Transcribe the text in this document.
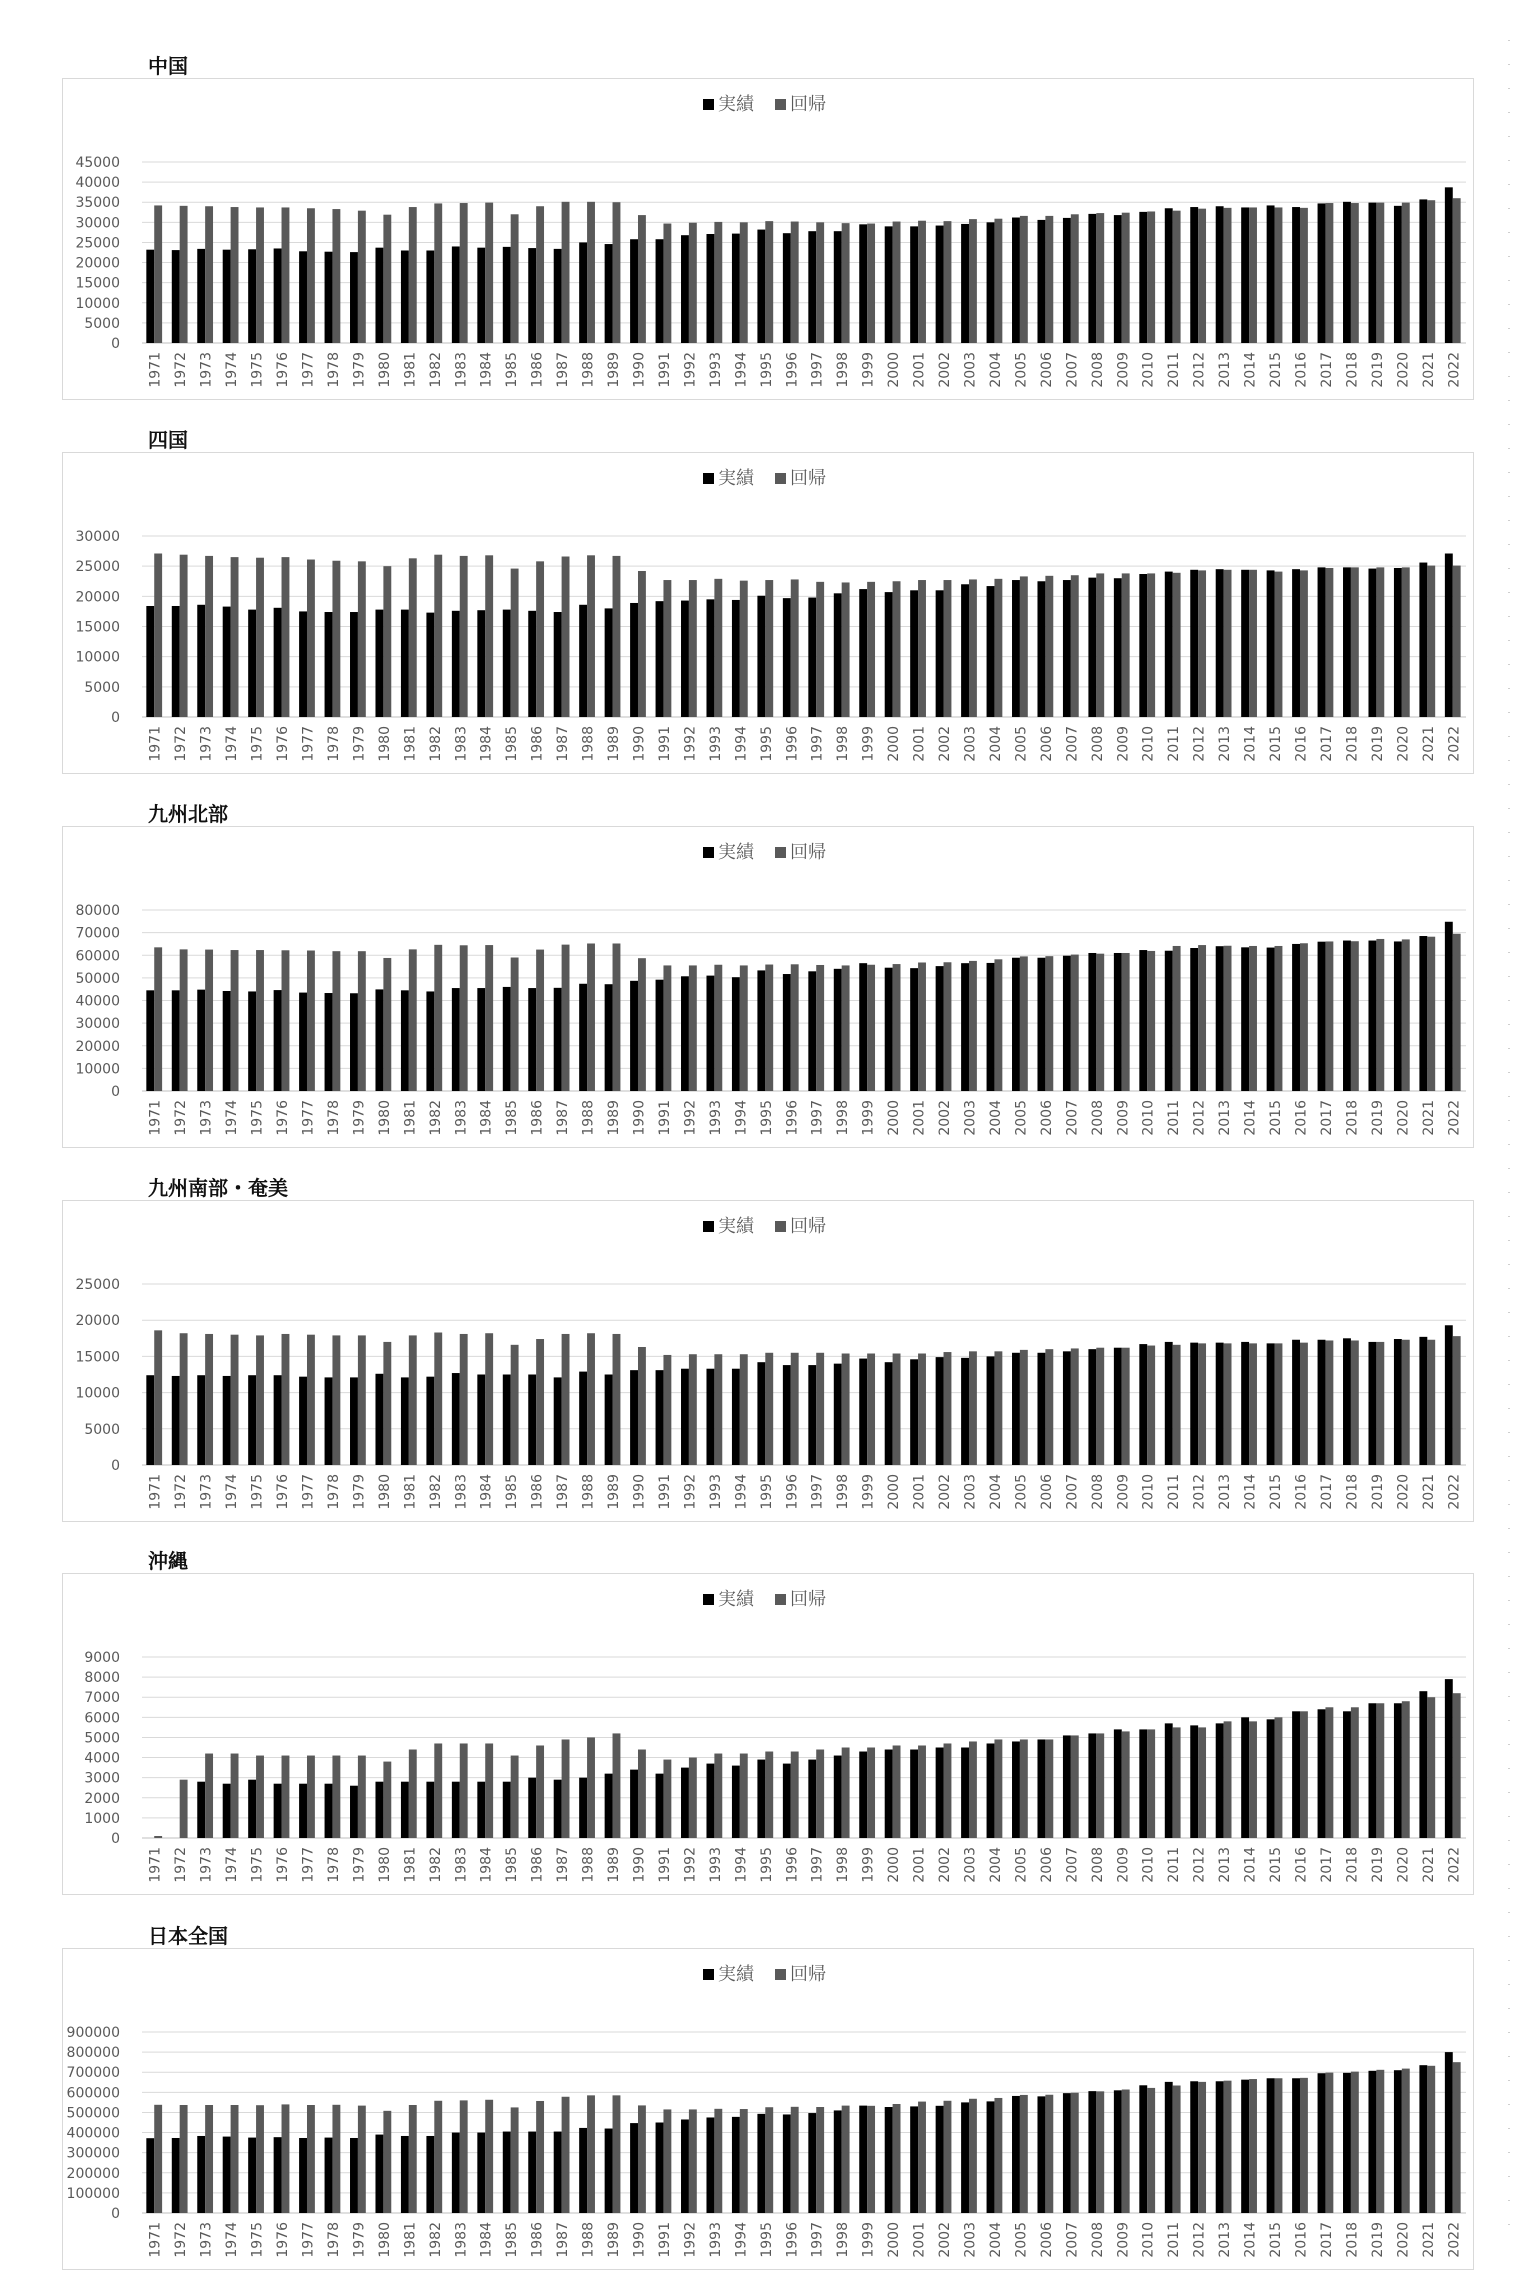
中国
実績 回帰
0
5000
10000
15000
20000
25000
30000
35000
40000
45000
1971 1972 1973 1974 1975 1976 1977 1978 1979 1980 1981 1982 1983 1984 1985 1986 1987 1988 1989 1990 1991 1992 1993 1994 1995 1996 1997 1998 1999 2000 2001 2002 2003 2004 2005 2006 2007 2008 2009 2010 2011 2012 2013 2014 2015 2016 2017 2018 2019 2020 2021 2022
四国
実績 回帰
0
5000
10000
15000
20000
25000
30000
1971 1972 1973 1974 1975 1976 1977 1978 1979 1980 1981 1982 1983 1984 1985 1986 1987 1988 1989 1990 1991 1992 1993 1994 1995 1996 1997 1998 1999 2000 2001 2002 2003 2004 2005 2006 2007 2008 2009 2010 2011 2012 2013 2014 2015 2016 2017 2018 2019 2020 2021 2022
九州北部
実績 回帰
0
10000
20000
30000
40000
50000
60000
70000
80000
1971 1972 1973 1974 1975 1976 1977 1978 1979 1980 1981 1982 1983 1984 1985 1986 1987 1988 1989 1990 1991 1992 1993 1994 1995 1996 1997 1998 1999 2000 2001 2002 2003 2004 2005 2006 2007 2008 2009 2010 2011 2012 2013 2014 2015 2016 2017 2018 2019 2020 2021 2022
九州南部・奄美
実績 回帰
0
5000
10000
15000
20000
25000
1971 1972 1973 1974 1975 1976 1977 1978 1979 1980 1981 1982 1983 1984 1985 1986 1987 1988 1989 1990 1991 1992 1993 1994 1995 1996 1997 1998 1999 2000 2001 2002 2003 2004 2005 2006 2007 2008 2009 2010 2011 2012 2013 2014 2015 2016 2017 2018 2019 2020 2021 2022
沖縄
実績 回帰
0
1000
2000
3000
4000
5000
6000
7000
8000
9000
1971 1972 1973 1974 1975 1976 1977 1978 1979 1980 1981 1982 1983 1984 1985 1986 1987 1988 1989 1990 1991 1992 1993 1994 1995 1996 1997 1998 1999 2000 2001 2002 2003 2004 2005 2006 2007 2008 2009 2010 2011 2012 2013 2014 2015 2016 2017 2018 2019 2020 2021 2022
日本全国
実績 回帰
0
100000
200000
300000
400000
500000
600000
700000
800000
900000
1971 1972 1973 1974 1975 1976 1977 1978 1979 1980 1981 1982 1983 1984 1985 1986 1987 1988 1989 1990 1991 1992 1993 1994 1995 1996 1997 1998 1999 2000 2001 2002 2003 2004 2005 2006 2007 2008 2009 2010 2011 2012 2013 2014 2015 2016 2017 2018 2019 2020 2021 2022
